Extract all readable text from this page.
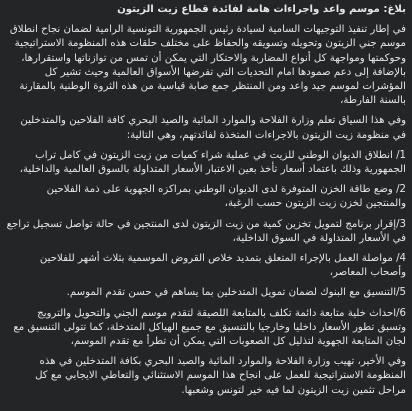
بلاغ: موسم واعد واجراءات هامة لفائدة قطاع زيت الزيتون

في إطار تنفيذ التوجيهات السامية لسيادة رئيس الجمهورية التونسية الرامية لضمان نجاح انطلاق موسم جني الزيتون وتحويله وتسويقه والحفاظ على مختلف حلقات هذه المنظومة الاستراتيجية وحوكمتها ومواجهة كل أنواع المضاربة والاحتكار التي يمكن أن تمس من توازناتها واستقرارها، بالإضافة إلى دعم صمودها امام التحديات التي تفرضها الأسواق العالمية وحيث تشير كل المؤشرات لموسم جيد واعد ومن المنتظر جمع صابة قياسية من هذه الثروة الوطنية بالمقارنة بالسنة الفارطة،

وفي هذا السياق تعلم وزارة الفلاحة والموارد المائية والصيد البحري كافة الفلاحين والمتدخلين في منظومة زيت الزيتون بالاجراءات المتخذة لفائدتهم، وهي التالية:

1/ انطلاق الديوان الوطني للزيت في عملية شراء كميات من زيت الزيتون في كامل تراب الجمهورية وذلك باعتماد أسعار تأخذ بعين الاعتبار الأسعار المتداولة بالسوق العالمية والداخلية،

2/ وضع طاقة الخزن المتوفرة لدى الديوان الوطني بمراكزه الجهوية على ذمة الفلاحين والمنتجين لخزن زيت الزيتون حسب الرغبة،

3/إقرار برنامج لتمويل تخزين كمية من زيت الزيتون لدى المنتجين في حالة تواصل تسجيل تراجع في الأسعار المتداولة في السوق الداخلية،

4/ مواصلة العمل بالإجراء المتعلق بتمديد خلاص القروض الموسمية بثلاث أشهر للفلاحين وأصحاب المعاصر،

5/التنسيق مع البنوك لضمان تمويل المتدخلين بما يساهم في حسن تقدم الموسم.

6/احداث خلية متابعة دائمة تكلف بالمتابعة اللصيقة لتقدم موسم الجني والتحويل والترويج وتسبق تطور الأسعار داخليا وخارجيا بالتنسيق مع جميع الهياكل المتدخلة، كما تتولى التنسيق مع لجان المتابعة الجهوية لتذليل كل الصعوبات التي يمكن أن تطرأ مع تقدم الموسم،

وفي الأخير، تهيب وزارة الفلاحة والموارد المائية والصيد البحري بكافة المتدخلين في هذه المنظومة الاستراتيجية للعمل على انجاح هذا الموسم الاستثنائي والتعاطي الايجابي مع كل مراحل تثمين زيت الزيتون لما فيه خير لتونس وشعبها.
